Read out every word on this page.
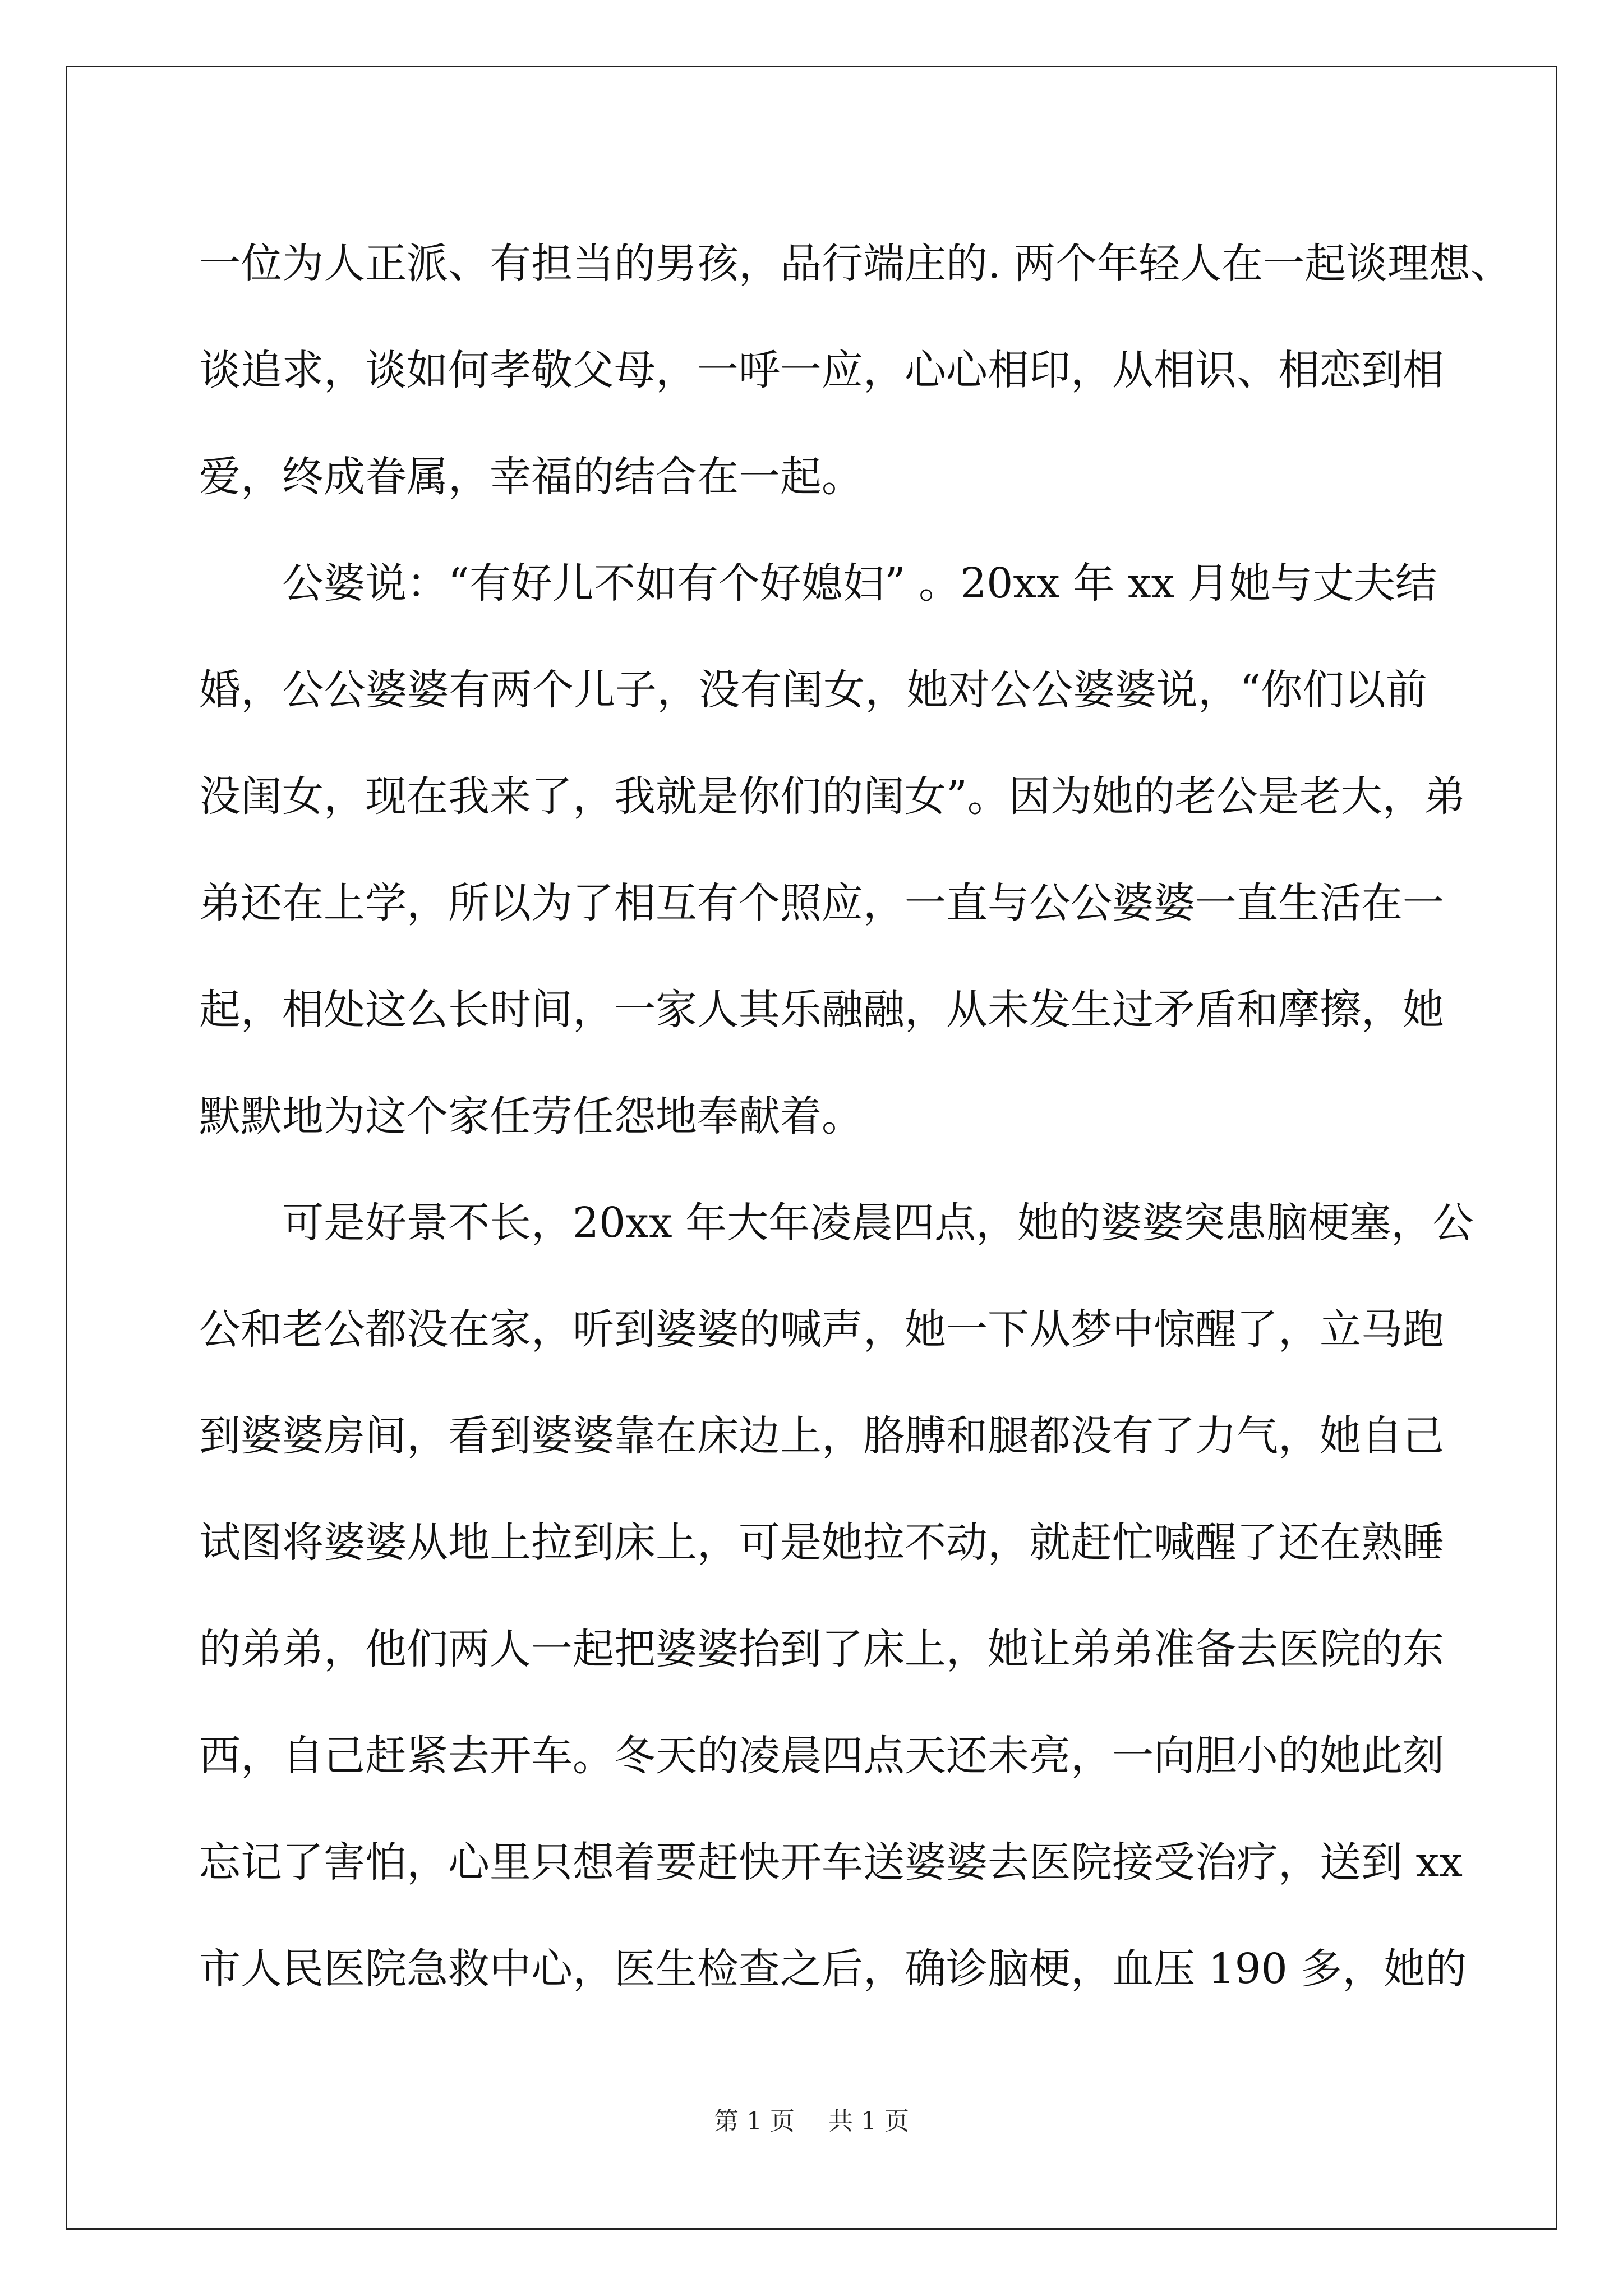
一位为人正派、有担当的男孩，品行端庄的. 两个年轻人在一起谈理想、
谈追求，谈如何孝敬父母，一呼一应，心心相印，从相识、相恋到相
爱，终成眷属，幸福的结合在一起。
公婆说：“有好儿不如有个好媳妇” 。20xx 年 xx 月她与丈夫结
婚，公公婆婆有两个儿子，没有闺女，她对公公婆婆说，“你们以前
没闺女，现在我来了，我就是你们的闺女”。因为她的老公是老大，弟
弟还在上学，所以为了相互有个照应，一直与公公婆婆一直生活在一
起，相处这么长时间，一家人其乐融融，从未发生过矛盾和摩擦，她
默默地为这个家任劳任怨地奉献着。
可是好景不长，20xx 年大年凌晨四点，她的婆婆突患脑梗塞，公
公和老公都没在家，听到婆婆的喊声，她一下从梦中惊醒了，立马跑
到婆婆房间，看到婆婆靠在床边上，胳膊和腿都没有了力气，她自己
试图将婆婆从地上拉到床上，可是她拉不动，就赶忙喊醒了还在熟睡
的弟弟，他们两人一起把婆婆抬到了床上，她让弟弟准备去医院的东
西，自己赶紧去开车。冬天的凌晨四点天还未亮，一向胆小的她此刻
忘记了害怕，心里只想着要赶快开车送婆婆去医院接受治疗，送到 xx
市人民医院急救中心，医生检查之后，确诊脑梗，血压 190 多，她的
第 1 页 共 1 页
